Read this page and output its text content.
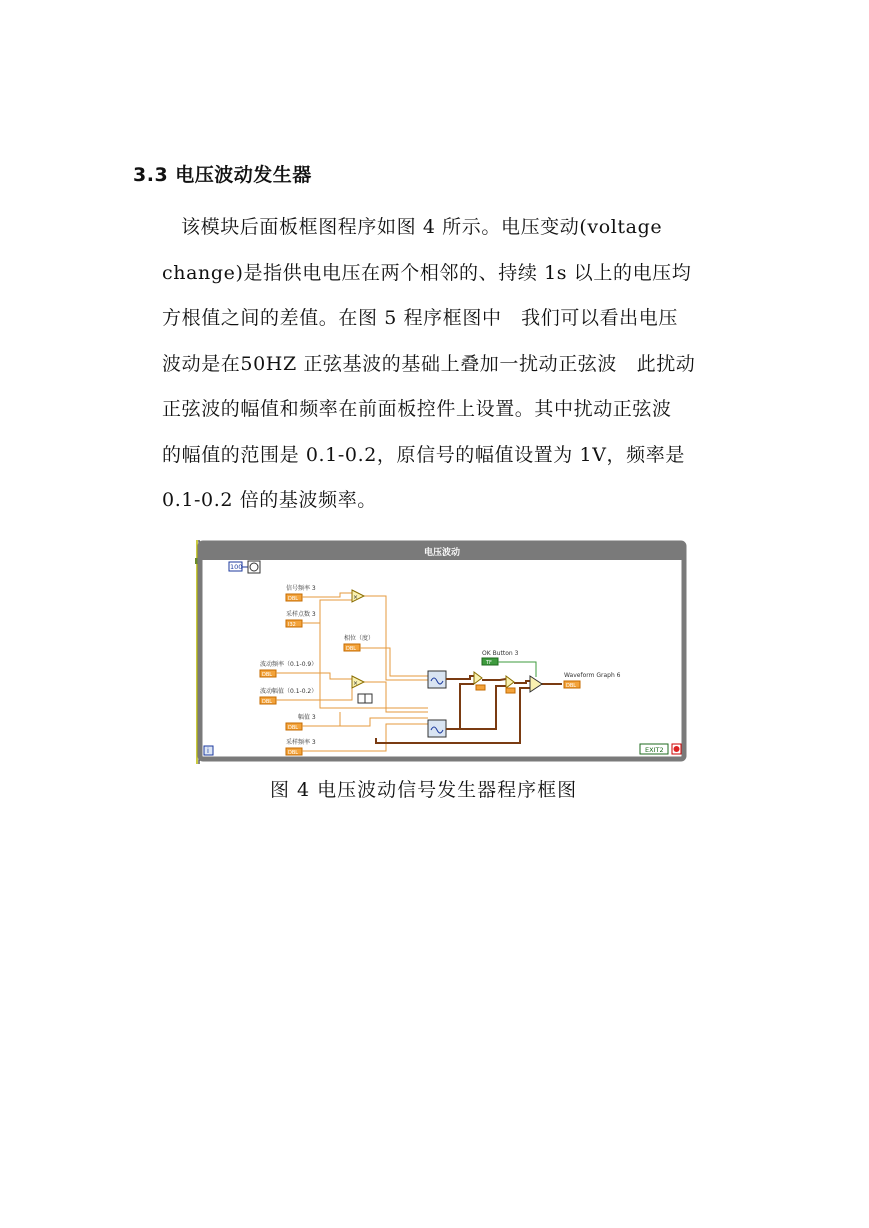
3.3 电压波动发生器
该模块后面板框图程序如图 4 所示。电压变动(voltage
change)是指供电电压在两个相邻的、持续 1s 以上的电压均
方根值之间的差值。在图 5 程序框图中　我们可以看出电压
波动是在50HZ 正弦基波的基础上叠加一扰动正弦波　此扰动
正弦波的幅值和频率在前面板控件上设置。其中扰动正弦波
的幅值的范围是 0.1-0.2，原信号的幅值设置为 1V，频率是
0.1-0.2 倍的基波频率。
电压波动
100
信号频率 3
DBL
采样点数 3
I32
相位（度）
DBL
波动频率（0.1-0.9）
DBL
波动幅值（0.1-0.2）
DBL
幅值 3
DBL
采样频率 3
DBL
×
×
OK Button 3
TF
Waveform Graph 6
DBL
i	EXIT2
图 4 电压波动信号发生器程序框图
